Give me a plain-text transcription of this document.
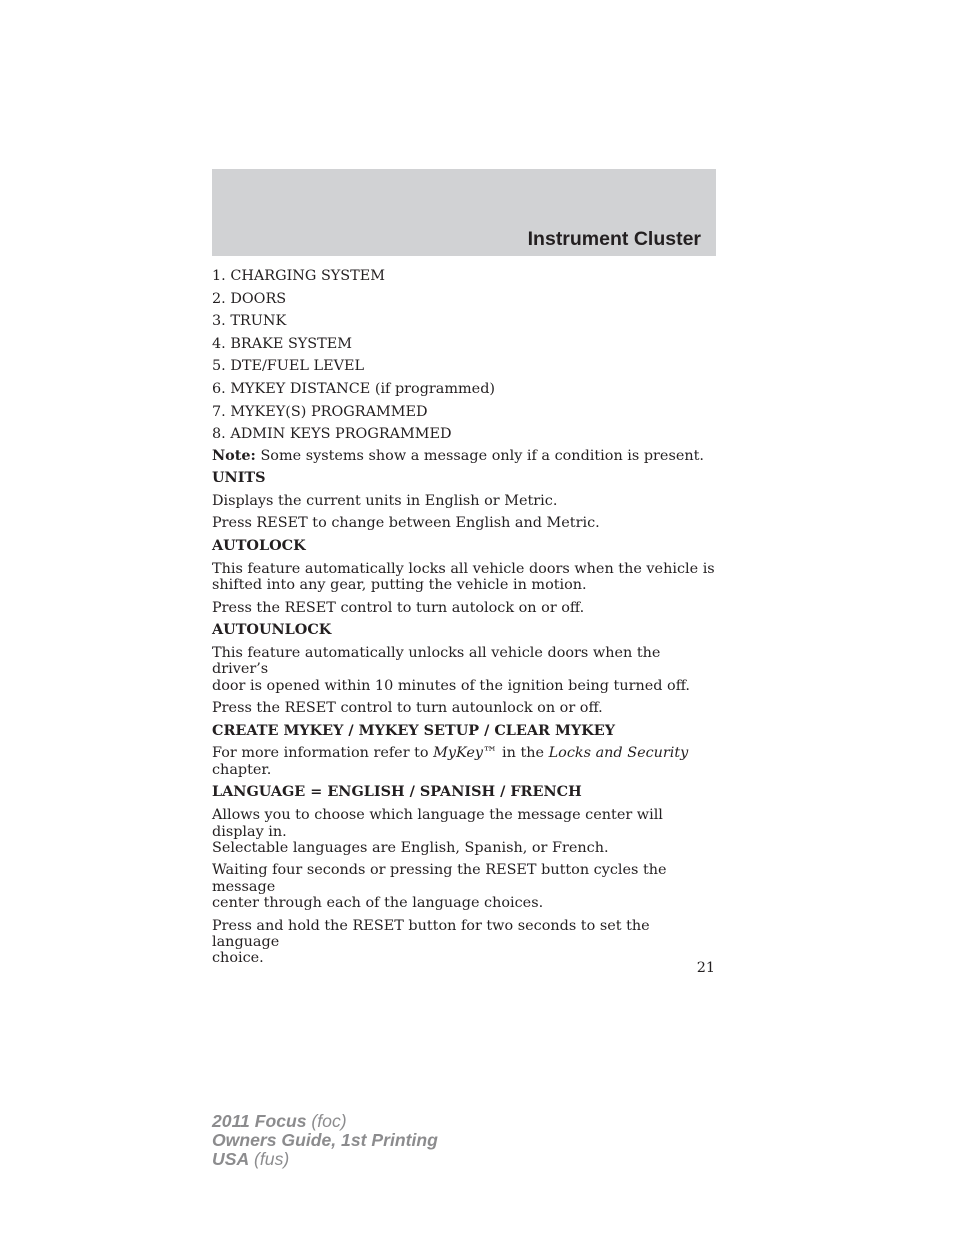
Instrument Cluster
1. CHARGING SYSTEM
2. DOORS
3. TRUNK
4. BRAKE SYSTEM
5. DTE/FUEL LEVEL
6. MYKEY DISTANCE (if programmed)
7. MYKEY(S) PROGRAMMED
8. ADMIN KEYS PROGRAMMED
Note: Some systems show a message only if a condition is present.
UNITS
Displays the current units in English or Metric.
Press RESET to change between English and Metric.
AUTOLOCK
This feature automatically locks all vehicle doors when the vehicle is
shifted into any gear, putting the vehicle in motion.
Press the RESET control to turn autolock on or off.
AUTOUNLOCK
This feature automatically unlocks all vehicle doors when the driver’s
door is opened within 10 minutes of the ignition being turned off.
Press the RESET control to turn autounlock on or off.
CREATE MYKEY / MYKEY SETUP / CLEAR MYKEY
For more information refer to MyKey™ in the Locks and Security
chapter.
LANGUAGE = ENGLISH / SPANISH / FRENCH
Allows you to choose which language the message center will display in.
Selectable languages are English, Spanish, or French.
Waiting four seconds or pressing the RESET button cycles the message
center through each of the language choices.
Press and hold the RESET button for two seconds to set the language
choice.
21
2011 Focus (foc)
Owners Guide, 1st Printing
USA (fus)
